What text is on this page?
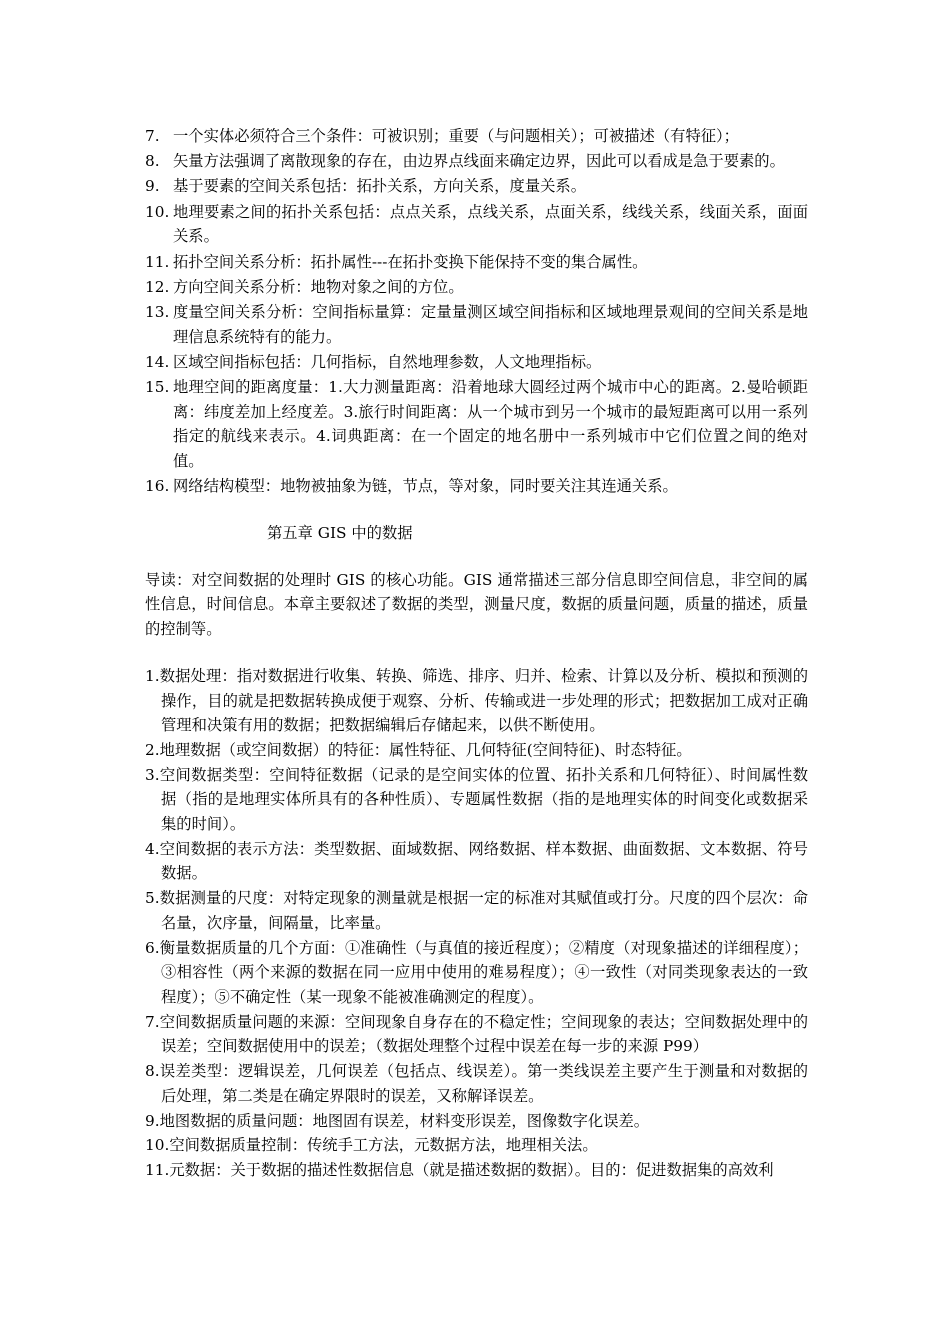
7. 一个实体必须符合三个条件：可被识别；重要（与问题相关）；可被描述（有特征）；
8. 矢量方法强调了离散现象的存在，由边界点线面来确定边界，因此可以看成是急于要素的。
9. 基于要素的空间关系包括：拓扑关系，方向关系，度量关系。
10. 地理要素之间的拓扑关系包括：点点关系，点线关系，点面关系，线线关系，线面关系，面面关系。
11. 拓扑空间关系分析：拓扑属性---在拓扑变换下能保持不变的集合属性。
12. 方向空间关系分析：地物对象之间的方位。
13. 度量空间关系分析：空间指标量算：定量量测区域空间指标和区域地理景观间的空间关系是地理信息系统特有的能力。
14. 区域空间指标包括：几何指标，自然地理参数，人文地理指标。
15. 地理空间的距离度量：1.大力测量距离：沿着地球大圆经过两个城市中心的距离。2.曼哈顿距离：纬度差加上经度差。3.旅行时间距离：从一个城市到另一个城市的最短距离可以用一系列指定的航线来表示。4.词典距离：在一个固定的地名册中一系列城市中它们位置之间的绝对值。
16. 网络结构模型：地物被抽象为链，节点，等对象，同时要关注其连通关系。
第五章 GIS 中的数据
导读：对空间数据的处理时 GIS 的核心功能。GIS 通常描述三部分信息即空间信息，非空间的属性信息，时间信息。本章主要叙述了数据的类型，测量尺度，数据的质量问题，质量的描述，质量的控制等。
1.数据处理：指对数据进行收集、转换、筛选、排序、归并、检索、计算以及分析、模拟和预测的操作，目的就是把数据转换成便于观察、分析、传输或进一步处理的形式；把数据加工成对正确管理和决策有用的数据；把数据编辑后存储起来，以供不断使用。
2.地理数据（或空间数据）的特征：属性特征、几何特征(空间特征)、时态特征。
3.空间数据类型：空间特征数据（记录的是空间实体的位置、拓扑关系和几何特征）、时间属性数据（指的是地理实体所具有的各种性质）、专题属性数据（指的是地理实体的时间变化或数据采集的时间）。
4.空间数据的表示方法：类型数据、面域数据、网络数据、样本数据、曲面数据、文本数据、符号数据。
5.数据测量的尺度：对特定现象的测量就是根据一定的标准对其赋值或打分。尺度的四个层次：命名量，次序量，间隔量，比率量。
6.衡量数据质量的几个方面：①准确性（与真值的接近程度）；②精度（对现象描述的详细程度）；③相容性（两个来源的数据在同一应用中使用的难易程度）；④一致性（对同类现象表达的一致程度）；⑤不确定性（某一现象不能被准确测定的程度）。
7.空间数据质量问题的来源：空间现象自身存在的不稳定性；空间现象的表达；空间数据处理中的误差；空间数据使用中的误差；（数据处理整个过程中误差在每一步的来源 P99）
8.误差类型：逻辑误差，几何误差（包括点、线误差）。第一类线误差主要产生于测量和对数据的后处理，第二类是在确定界限时的误差，又称解译误差。
9.地图数据的质量问题：地图固有误差，材料变形误差，图像数字化误差。
10.空间数据质量控制：传统手工方法，元数据方法，地理相关法。
11.元数据：关于数据的描述性数据信息（就是描述数据的数据）。目的：促进数据集的高效利
